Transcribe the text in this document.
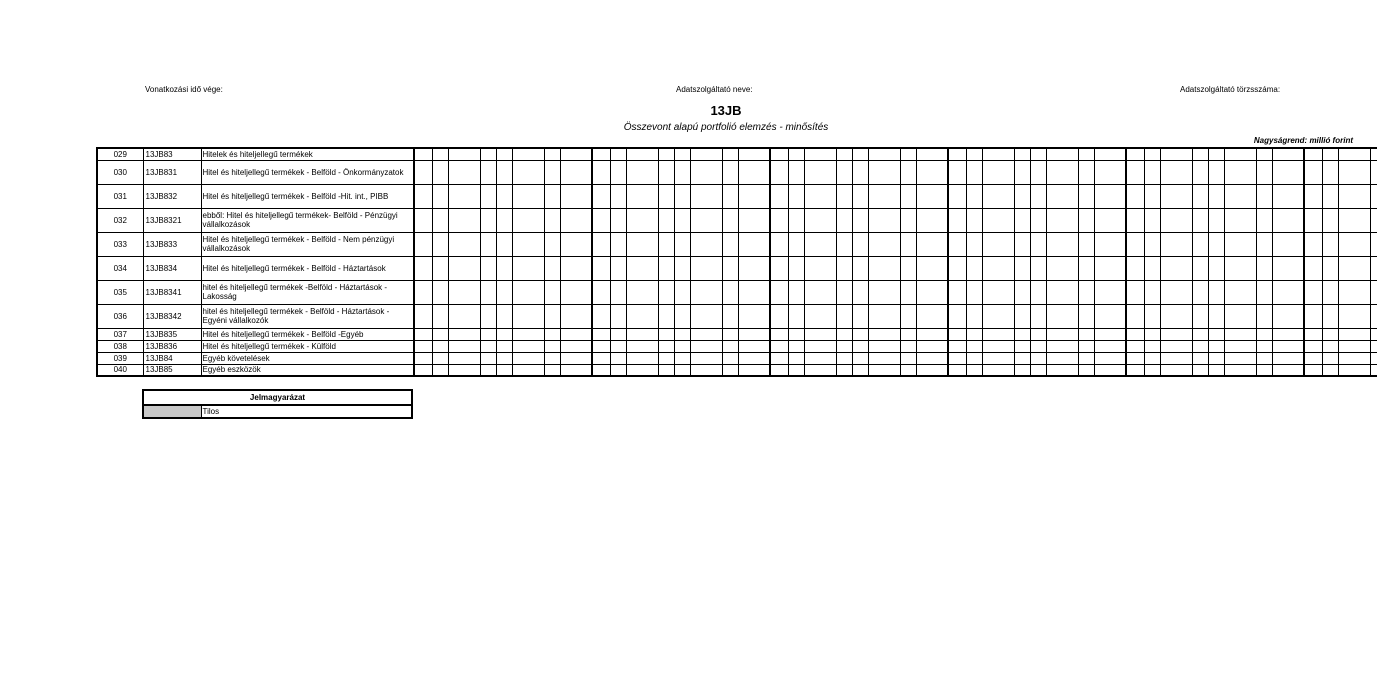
Vonatkozási idő vége:	Adatszolgáltató neve:	Adatszolgáltató törzsszáma:
13JB
Összevont alapú portfolió elemzés - minősítés
Nagyságrend: millió forint
029	13JB83	Hitelek és hiteljellegű termékek																																																								
030	13JB831	Hitel és hiteljellegű termékek - Belföld - Önkormányzatok																																																								
031	13JB832	Hitel és hiteljellegű termékek - Belföld -Hit. int., PIBB																																																								
032	13JB8321	ebből: Hitel és hiteljellegű termékek- Belföld - Pénzügyi vállalkozások																																																								
033	13JB833	Hitel és hiteljellegű termékek - Belföld - Nem pénzügyi vállalkozások																																																								
034	13JB834	Hitel és hiteljellegű termékek - Belföld - Háztartások																																																								
035	13JB8341	hitel és hiteljellegű termékek -Belföld - Háztartások - Lakosság																																																								
036	13JB8342	hitel és hiteljellegű termékek - Belföld - Háztartások - Egyéni vállalkozók																																																								
037	13JB835	Hitel és hiteljellegű termékek - Belföld -Egyéb																																																								
038	13JB836	Hitel és hiteljellegű termékek - Külföld																																																								
039	13JB84	Egyéb követelések																																																								
040	13JB85	Egyéb eszközök																																																								
Jelmagyarázat
	Tilos
